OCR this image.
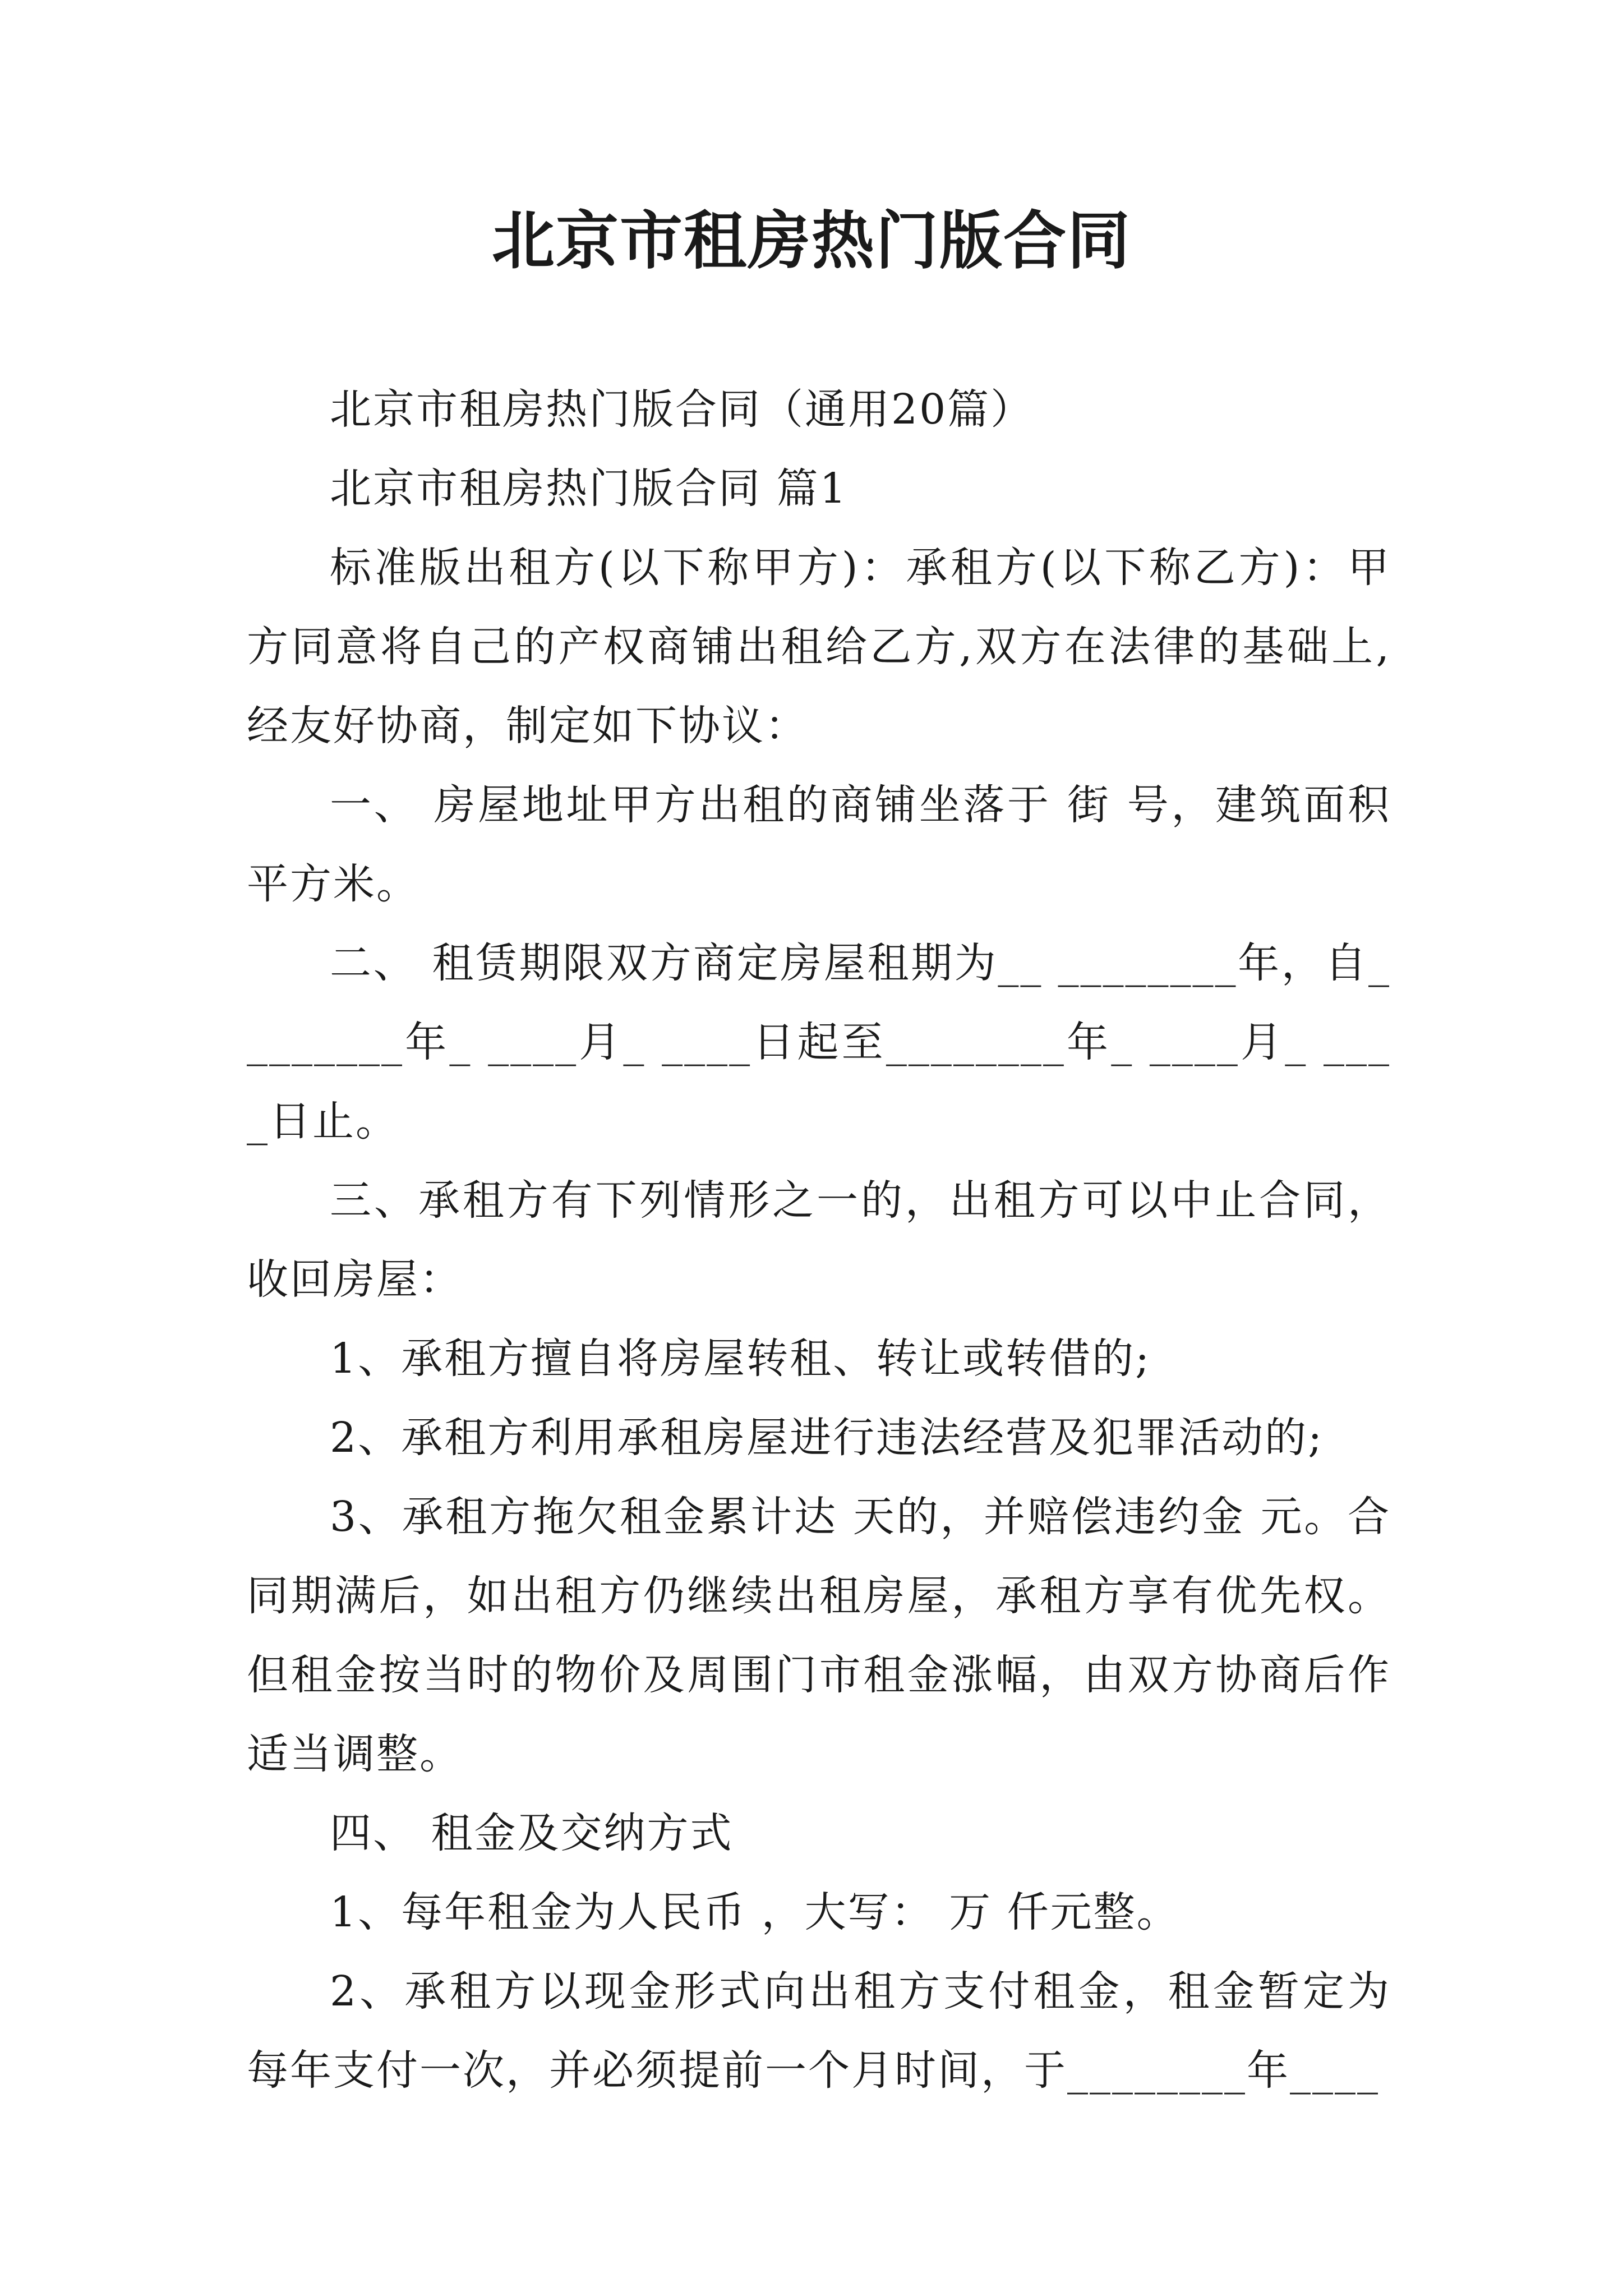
北京市租房热门版合同

北京市租房热门版合同（通用20篇）

北京市租房热门版合同 篇1

标准版出租方(以下称甲方)：承租方(以下称乙方)：甲方同意将自己的产权商铺出租给乙方,双方在法律的基础上,经友好协商，制定如下协议：

一、 房屋地址甲方出租的商铺坐落于 街 号，建筑面积 平方米。

二、 租赁期限双方商定房屋租期为__ ________年，自________年_ ____月_ ____日起至________年_ ____月_ ____日止。

三、承租方有下列情形之一的，出租方可以中止合同，收回房屋：

1、承租方擅自将房屋转租、转让或转借的;

2、承租方利用承租房屋进行违法经营及犯罪活动的;

3、承租方拖欠租金累计达 天的，并赔偿违约金 元。合同期满后，如出租方仍继续出租房屋，承租方享有优先权。但租金按当时的物价及周围门市租金涨幅，由双方协商后作适当调整。

四、 租金及交纳方式

1、每年租金为人民币 ，大写： 万 仟元整。

2、承租方以现金形式向出租方支付租金，租金暂定为每年支付一次，并必须提前一个月时间，于________年____
